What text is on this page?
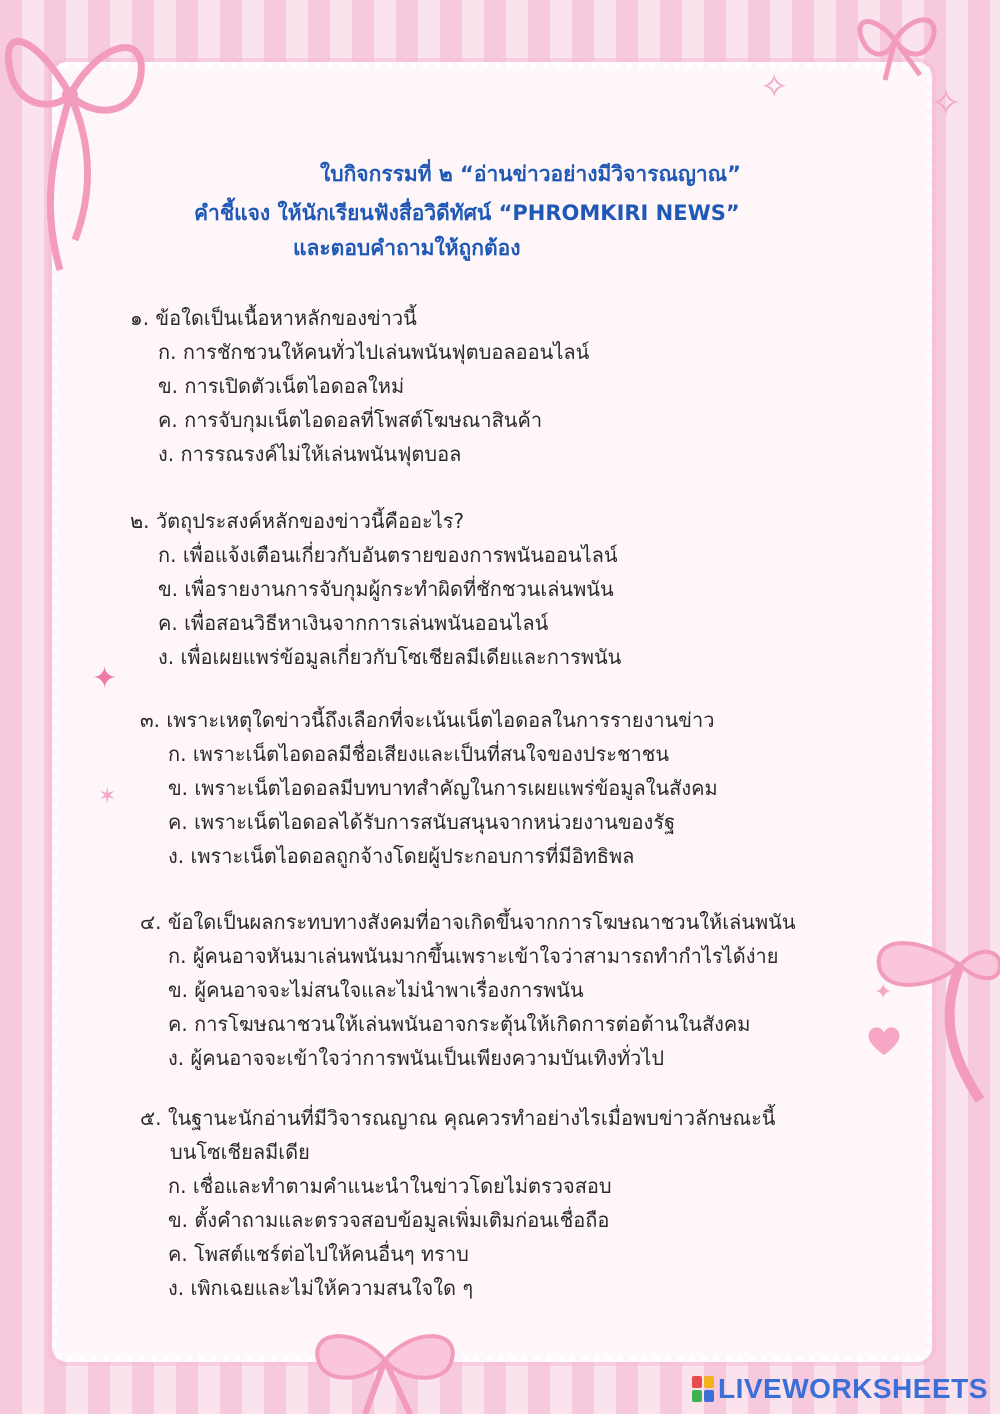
✦
✧
✶
✦
✧
ใบกิจกรรมที่ ๒ “อ่านข่าวอย่างมีวิจารณญาณ”
คำชี้แจง ให้นักเรียนฟังสื่อวิดีทัศน์ “PHROMKIRI NEWS”
และตอบคำถามให้ถูกต้อง
๑. ข้อใดเป็นเนื้อหาหลักของข่าวนี้
ก. การชักชวนให้คนทั่วไปเล่นพนันฟุตบอลออนไลน์
ข. การเปิดตัวเน็ตไอดอลใหม่
ค. การจับกุมเน็ตไอดอลที่โพสต์โฆษณาสินค้า
ง. การรณรงค์ไม่ให้เล่นพนันฟุตบอล
๒. วัตถุประสงค์หลักของข่าวนี้คืออะไร?
ก. เพื่อแจ้งเตือนเกี่ยวกับอันตรายของการพนันออนไลน์
ข. เพื่อรายงานการจับกุมผู้กระทำผิดที่ชักชวนเล่นพนัน
ค. เพื่อสอนวิธีหาเงินจากการเล่นพนันออนไลน์
ง. เพื่อเผยแพร่ข้อมูลเกี่ยวกับโซเชียลมีเดียและการพนัน
๓. เพราะเหตุใดข่าวนี้ถึงเลือกที่จะเน้นเน็ตไอดอลในการรายงานข่าว
ก. เพราะเน็ตไอดอลมีชื่อเสียงและเป็นที่สนใจของประชาชน
ข. เพราะเน็ตไอดอลมีบทบาทสำคัญในการเผยแพร่ข้อมูลในสังคม
ค. เพราะเน็ตไอดอลได้รับการสนับสนุนจากหน่วยงานของรัฐ
ง. เพราะเน็ตไอดอลถูกจ้างโดยผู้ประกอบการที่มีอิทธิพล
๔. ข้อใดเป็นผลกระทบทางสังคมที่อาจเกิดขึ้นจากการโฆษณาชวนให้เล่นพนัน
ก. ผู้คนอาจหันมาเล่นพนันมากขึ้นเพราะเข้าใจว่าสามารถทำกำไรได้ง่าย
ข. ผู้คนอาจจะไม่สนใจและไม่นำพาเรื่องการพนัน
ค. การโฆษณาชวนให้เล่นพนันอาจกระตุ้นให้เกิดการต่อต้านในสังคม
ง. ผู้คนอาจจะเข้าใจว่าการพนันเป็นเพียงความบันเทิงทั่วไป
๕. ในฐานะนักอ่านที่มีวิจารณญาณ คุณควรทำอย่างไรเมื่อพบข่าวลักษณะนี้
บนโซเชียลมีเดีย
ก. เชื่อและทำตามคำแนะนำในข่าวโดยไม่ตรวจสอบ
ข. ตั้งคำถามและตรวจสอบข้อมูลเพิ่มเติมก่อนเชื่อถือ
ค. โพสต์แชร์ต่อไปให้คนอื่นๆ ทราบ
ง. เพิกเฉยและไม่ให้ความสนใจใด ๆ
LIVEWORKSHEETS
